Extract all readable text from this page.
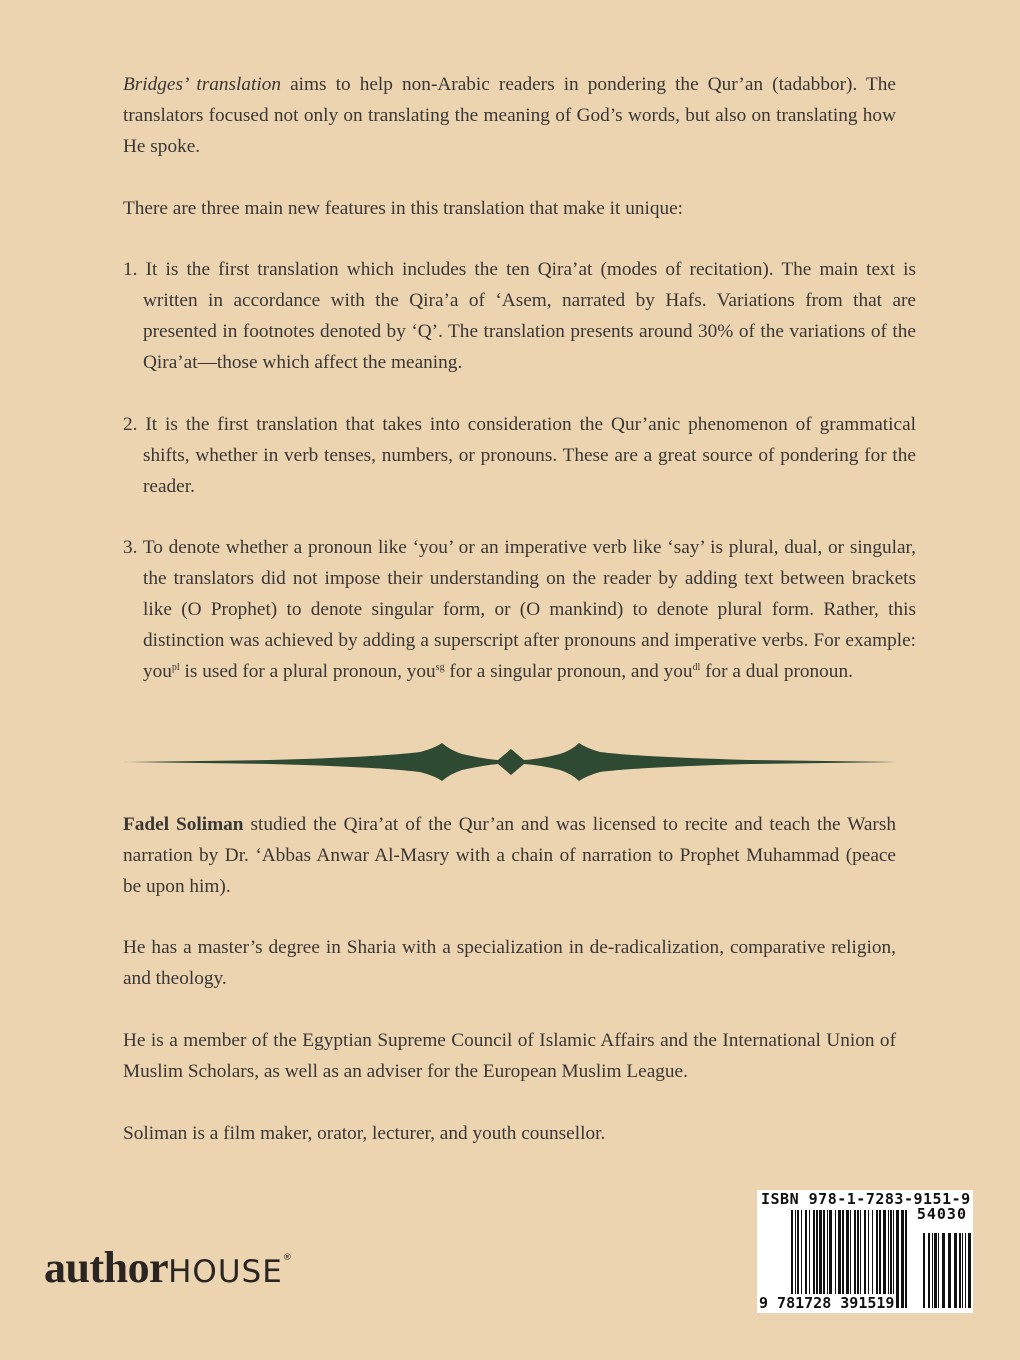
Bridges’ translation aims to help non-Arabic readers in pondering the Qur’an (tadabbor). The translators focused not only on translating the meaning of God’s words, but also on translating how He spoke.
There are three main new features in this translation that make it unique:
1. It is the first translation which includes the ten Qira’at (modes of recitation). The main text is written in accordance with the Qira’a of ‘Asem, narrated by Hafs. Variations from that are presented in footnotes denoted by ‘Q’. The translation presents around 30% of the variations of the Qira’at—those which affect the meaning.
2. It is the first translation that takes into consideration the Qur’anic phenomenon of grammatical shifts, whether in verb tenses, numbers, or pronouns. These are a great source of pondering for the reader.
3. To denote whether a pronoun like ‘you’ or an imperative verb like ‘say’ is plural, dual, or singular, the translators did not impose their understanding on the reader by adding text between brackets like (O Prophet) to denote singular form, or (O mankind) to denote plural form. Rather, this distinction was achieved by adding a superscript after pronouns and imperative verbs. For example: you$^{pl}$ is used for a plural pronoun, you$^{sg}$ for a singular pronoun, and you$^{dl}$ for a dual pronoun.
Fadel Soliman studied the Qira’at of the Qur’an and was licensed to recite and teach the Warsh narration by Dr. ‘Abbas Anwar Al-Masry with a chain of narration to Prophet Muhammad (peace be upon him).
He has a master’s degree in Sharia with a specialization in de-radicalization, comparative religion, and theology.
He is a member of the Egyptian Supreme Council of Islamic Affairs and the International Union of Muslim Scholars, as well as an adviser for the European Muslim League.
Soliman is a film maker, orator, lecturer, and youth counsellor.
authorHOUSE®
ISBN 978-1-7283-9151-9
54030
9 781728 391519
